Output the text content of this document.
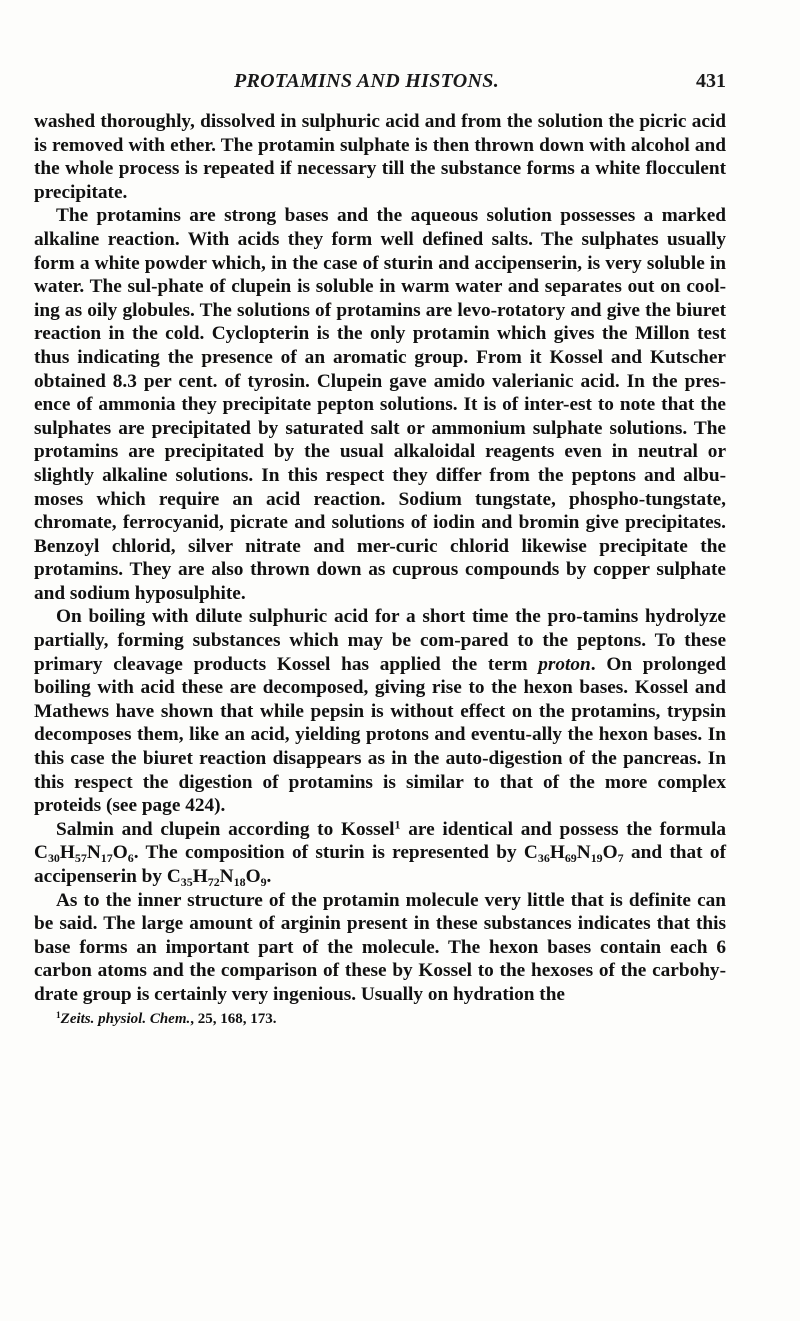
PROTAMINS AND HISTONS.	431

washed thoroughly, dissolved in sulphuric acid and from the solution the picric acid is removed with ether. The protamin sulphate is then thrown down with alcohol and the whole process is repeated if necessary till the substance forms a white flocculent precipitate.

The protamins are strong bases and the aqueous solution possesses a marked alkaline reaction. With acids they form well defined salts. The sulphates usually form a white powder which, in the case of sturin and accipenserin, is very soluble in water. The sul-phate of clupein is soluble in warm water and separates out on cool-ing as oily globules. The solutions of protamins are levo-rotatory and give the biuret reaction in the cold. Cyclopterin is the only protamin which gives the Millon test thus indicating the presence of an aromatic group. From it Kossel and Kutscher obtained 8.3 per cent. of tyrosin. Clupein gave amido valerianic acid. In the pres-ence of ammonia they precipitate pepton solutions. It is of inter-est to note that the sulphates are precipitated by saturated salt or ammonium sulphate solutions. The protamins are precipitated by the usual alkaloidal reagents even in neutral or slightly alkaline solutions. In this respect they differ from the peptons and albu-moses which require an acid reaction. Sodium tungstate, phospho-tungstate, chromate, ferrocyanid, picrate and solutions of iodin and bromin give precipitates. Benzoyl chlorid, silver nitrate and mer-curic chlorid likewise precipitate the protamins. They are also thrown down as cuprous compounds by copper sulphate and sodium hyposulphite.

On boiling with dilute sulphuric acid for a short time the pro-tamins hydrolyze partially, forming substances which may be com-pared to the peptons. To these primary cleavage products Kossel has applied the term proton. On prolonged boiling with acid these are decomposed, giving rise to the hexon bases. Kossel and Mathews have shown that while pepsin is without effect on the protamins, trypsin decomposes them, like an acid, yielding protons and eventu-ally the hexon bases. In this case the biuret reaction disappears as in the auto-digestion of the pancreas. In this respect the digestion of protamins is similar to that of the more complex proteids (see page 424).

Salmin and clupein according to Kossel$^1$ are identical and possess the formula $C_{30}H_{57}N_{17}O_6$. The composition of sturin is represented by $C_{36}H_{69}N_{19}O_7$ and that of accipenserin by $C_{35}H_{72}N_{18}O_9$.

As to the inner structure of the protamin molecule very little that is definite can be said. The large amount of arginin present in these substances indicates that this base forms an important part of the molecule. The hexon bases contain each 6 carbon atoms and the comparison of these by Kossel to the hexoses of the carbohy-drate group is certainly very ingenious. Usually on hydration the

$^1$Zeits. physiol. Chem., 25, 168, 173.
